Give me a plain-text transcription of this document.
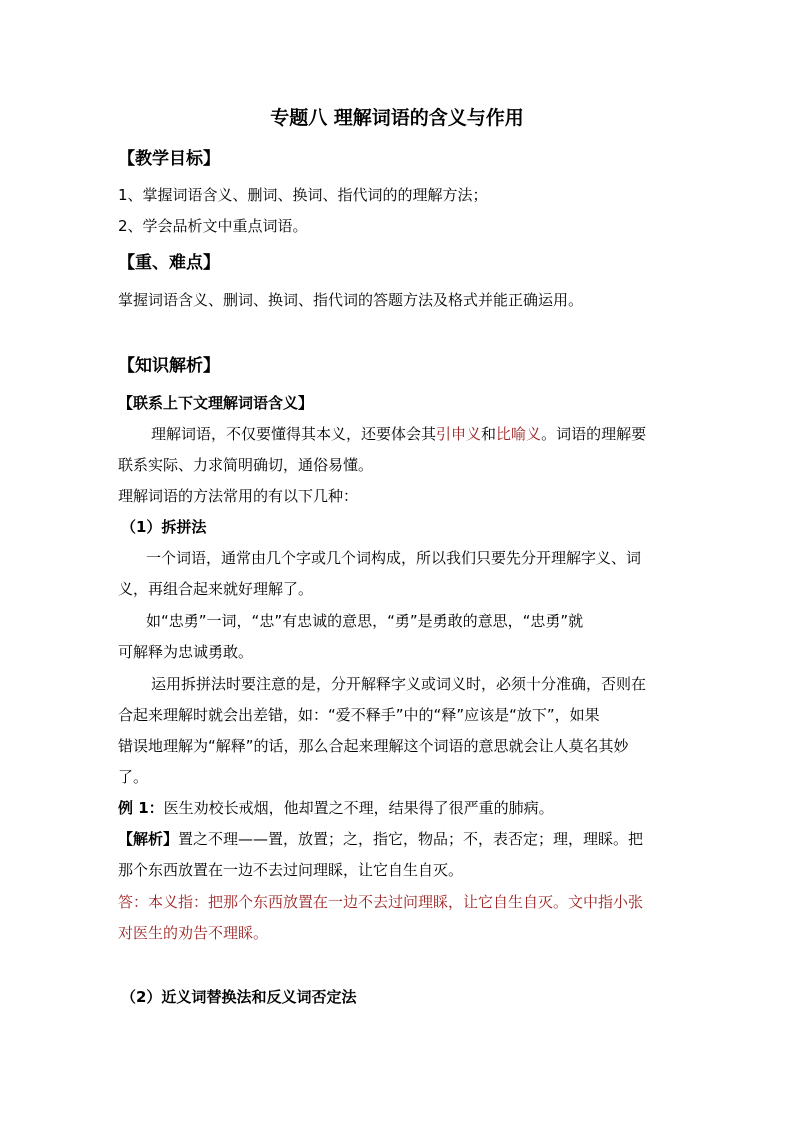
专题八 理解词语的含义与作用
【教学目标】
1、掌握词语含义、删词、换词、指代词的的理解方法；
2、学会品析文中重点词语。
【重、难点】
掌握词语含义、删词、换词、指代词的答题方法及格式并能正确运用。
【知识解析】
【联系上下文理解词语含义】
理解词语，不仅要懂得其本义，还要体会其引申义和比喻义。词语的理解要
联系实际、力求简明确切，通俗易懂。
理解词语的方法常用的有以下几种：
（1）拆拼法
一个词语，通常由几个字或几个词构成，所以我们只要先分开理解字义、词
义，再组合起来就好理解了。
如“忠勇”一词，“忠”有忠诚的意思，“勇”是勇敢的意思，“忠勇”就
可解释为忠诚勇敢。
运用拆拼法时要注意的是，分开解释字义或词义时，必须十分准确，否则在
合起来理解时就会出差错，如：“爱不释手”中的“释”应该是“放下”，如果
错误地理解为“解释”的话，那么合起来理解这个词语的意思就会让人莫名其妙
了。
例 1：医生劝校长戒烟，他却置之不理，结果得了很严重的肺病。
【解析】置之不理——置，放置；之，指它，物品；不，表否定；理，理睬。把
那个东西放置在一边不去过问理睬，让它自生自灭。
答：本义指：把那个东西放置在一边不去过问理睬，让它自生自灭。文中指小张
对医生的劝告不理睬。
（2）近义词替换法和反义词否定法
